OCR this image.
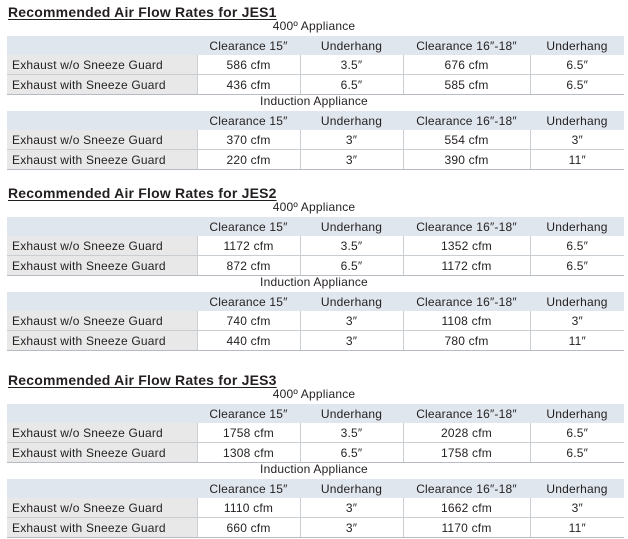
Recommended Air Flow Rates for JES1
400º Appliance
	Clearance 15″	Underhang	Clearance 16″-18″	Underhang
Exhaust w/o Sneeze Guard	586 cfm	3.5″	676 cfm	6.5″
Exhaust with Sneeze Guard	436 cfm	6.5″	585 cfm	6.5″
Induction Appliance
	Clearance 15″	Underhang	Clearance 16″-18″	Underhang
Exhaust w/o Sneeze Guard	370 cfm	3″	554 cfm	3″
Exhaust with Sneeze Guard	220 cfm	3″	390 cfm	11″
Recommended Air Flow Rates for JES2
400º Appliance
	Clearance 15″	Underhang	Clearance 16″-18″	Underhang
Exhaust w/o Sneeze Guard	1172 cfm	3.5″	1352 cfm	6.5″
Exhaust with Sneeze Guard	872 cfm	6.5″	1172 cfm	6.5″
Induction Appliance
	Clearance 15″	Underhang	Clearance 16″-18″	Underhang
Exhaust w/o Sneeze Guard	740 cfm	3″	1108 cfm	3″
Exhaust with Sneeze Guard	440 cfm	3″	780 cfm	11″
Recommended Air Flow Rates for JES3
400º Appliance
	Clearance 15″	Underhang	Clearance 16″-18″	Underhang
Exhaust w/o Sneeze Guard	1758 cfm	3.5″	2028 cfm	6.5″
Exhaust with Sneeze Guard	1308 cfm	6.5″	1758 cfm	6.5″
Induction Appliance
	Clearance 15″	Underhang	Clearance 16″-18″	Underhang
Exhaust w/o Sneeze Guard	1110 cfm	3″	1662 cfm	3″
Exhaust with Sneeze Guard	660 cfm	3″	1170 cfm	11″
